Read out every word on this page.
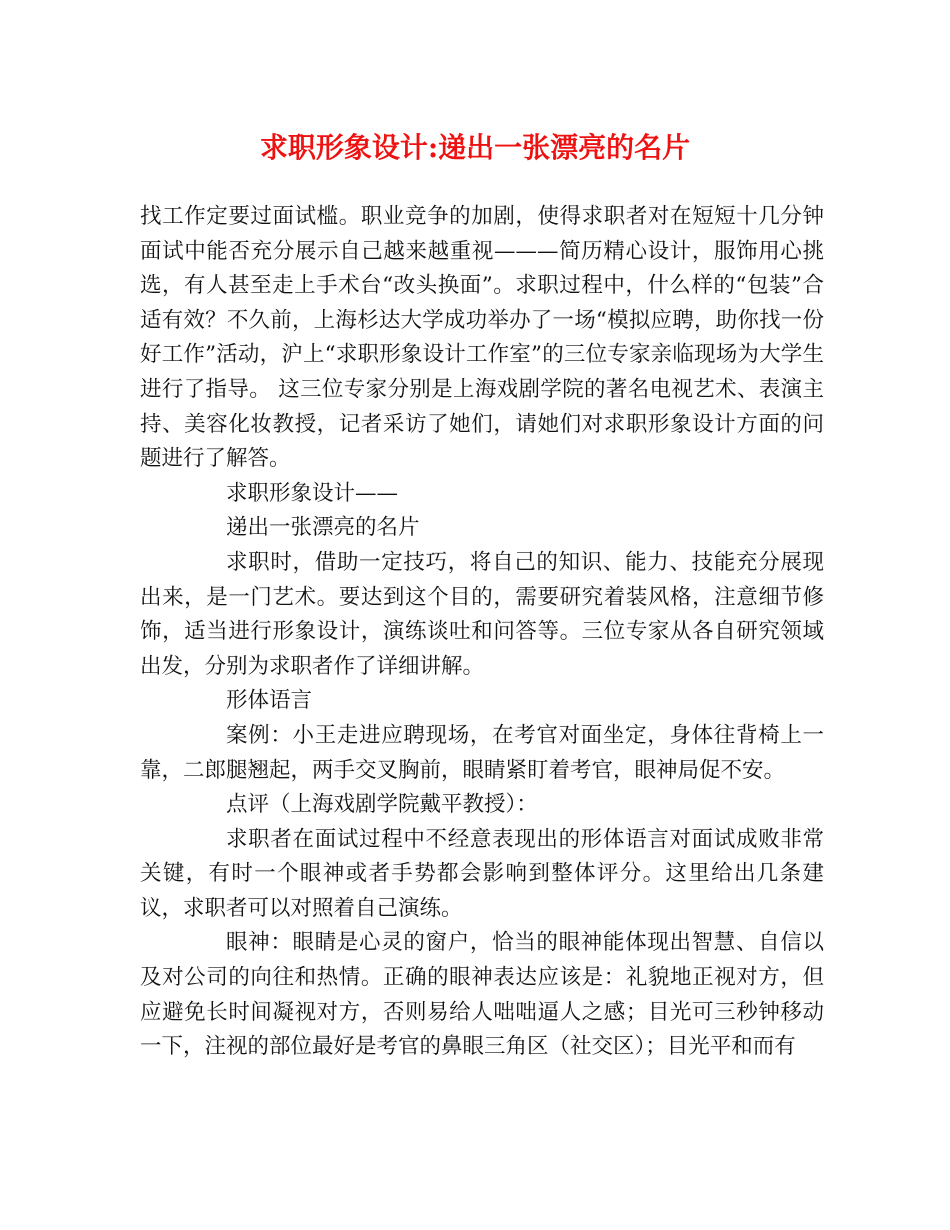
求职形象设计:递出一张漂亮的名片

找工作定要过面试槛。职业竞争的加剧，使得求职者对在短短十几分钟面试中能否充分展示自己越来越重视———简历精心设计，服饰用心挑选，有人甚至走上手术台“改头换面”。求职过程中，什么样的“包装”合适有效？不久前，上海杉达大学成功举办了一场“模拟应聘，助你找一份好工作”活动，沪上“求职形象设计工作室”的三位专家亲临现场为大学生进行了指导。 这三位专家分别是上海戏剧学院的著名电视艺术、表演主持、美容化妆教授，记者采访了她们，请她们对求职形象设计方面的问题进行了解答。

求职形象设计——

递出一张漂亮的名片

求职时，借助一定技巧，将自己的知识、能力、技能充分展现出来，是一门艺术。要达到这个目的，需要研究着装风格，注意细节修饰，适当进行形象设计，演练谈吐和问答等。三位专家从各自研究领域出发，分别为求职者作了详细讲解。

形体语言

案例：小王走进应聘现场，在考官对面坐定，身体往背椅上一靠，二郎腿翘起，两手交叉胸前，眼睛紧盯着考官，眼神局促不安。

点评（上海戏剧学院戴平教授）：

求职者在面试过程中不经意表现出的形体语言对面试成败非常关键，有时一个眼神或者手势都会影响到整体评分。这里给出几条建议，求职者可以对照着自己演练。

眼神：眼睛是心灵的窗户，恰当的眼神能体现出智慧、自信以及对公司的向往和热情。正确的眼神表达应该是：礼貌地正视对方，但应避免长时间凝视对方，否则易给人咄咄逼人之感；目光可三秒钟移动一下，注视的部位最好是考官的鼻眼三角区（社交区）；目光平和而有
